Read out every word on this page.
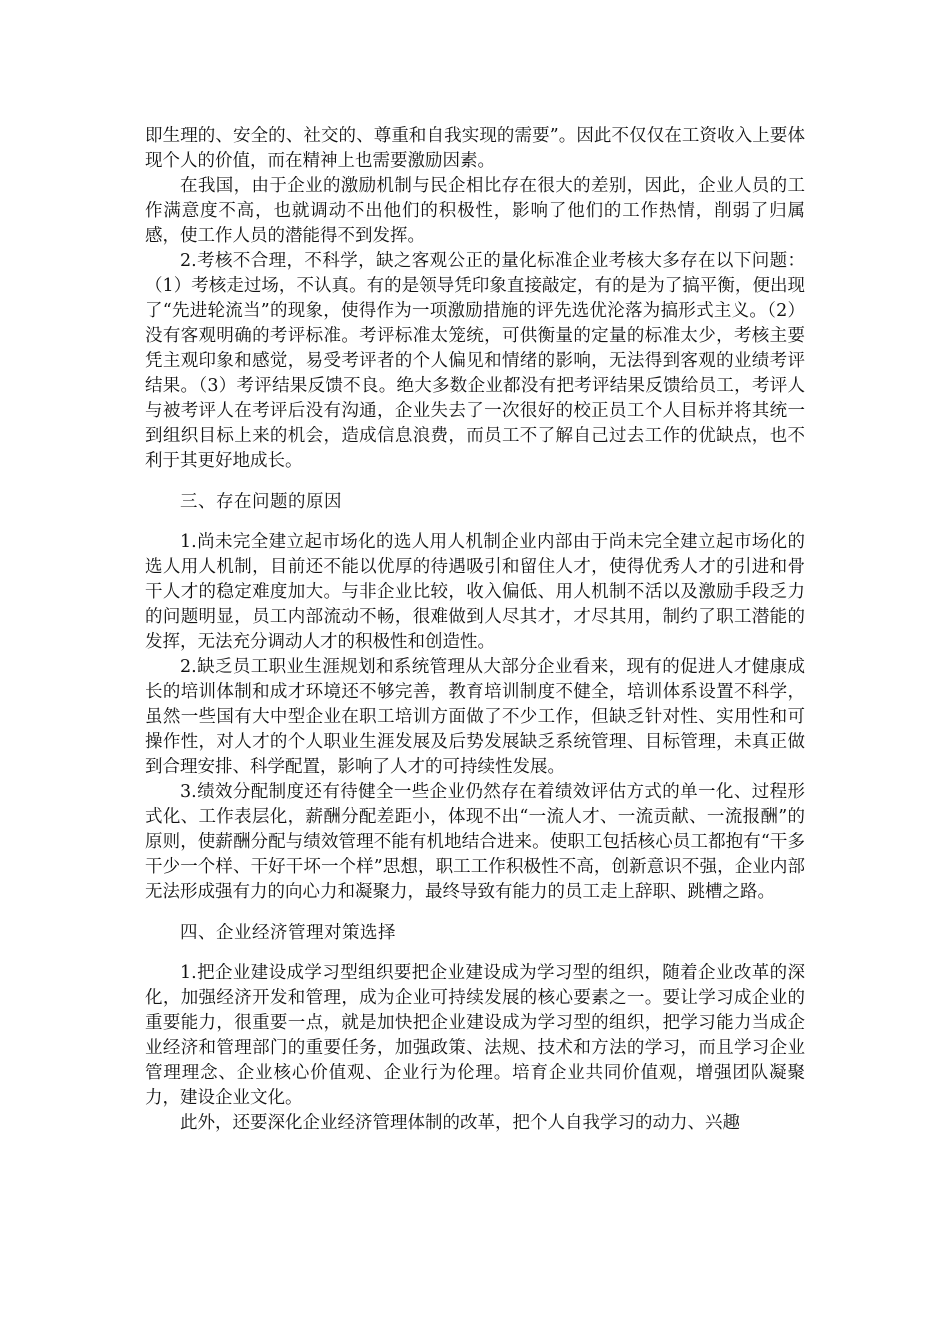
即生理的、安全的、社交的、尊重和自我实现的需要”。因此不仅仅在工资收入上要体现个人的价值，而在精神上也需要激励因素。

在我国，由于企业的激励机制与民企相比存在很大的差别，因此，企业人员的工作满意度不高，也就调动不出他们的积极性，影响了他们的工作热情，削弱了归属感，使工作人员的潜能得不到发挥。

2.考核不合理，不科学，缺之客观公正的量化标准企业考核大多存在以下问题：（1）考核走过场，不认真。有的是领导凭印象直接敲定，有的是为了搞平衡，便出现了“先进轮流当”的现象，使得作为一项激励措施的评先选优沦落为搞形式主义。（2）没有客观明确的考评标准。考评标准太笼统，可供衡量的定量的标准太少，考核主要凭主观印象和感觉，易受考评者的个人偏见和情绪的影响，无法得到客观的业绩考评结果。（3）考评结果反馈不良。绝大多数企业都没有把考评结果反馈给员工，考评人与被考评人在考评后没有沟通，企业失去了一次很好的校正员工个人目标并将其统一到组织目标上来的机会，造成信息浪费，而员工不了解自己过去工作的优缺点，也不利于其更好地成长。

三、存在问题的原因

1.尚未完全建立起市场化的选人用人机制企业内部由于尚未完全建立起市场化的选人用人机制，目前还不能以优厚的待遇吸引和留住人才，使得优秀人才的引进和骨干人才的稳定难度加大。与非企业比较，收入偏低、用人机制不活以及激励手段乏力的问题明显，员工内部流动不畅，很难做到人尽其才，才尽其用，制约了职工潜能的发挥，无法充分调动人才的积极性和创造性。

2.缺乏员工职业生涯规划和系统管理从大部分企业看来，现有的促进人才健康成长的培训体制和成才环境还不够完善，教育培训制度不健全，培训体系设置不科学，虽然一些国有大中型企业在职工培训方面做了不少工作，但缺乏针对性、实用性和可操作性，对人才的个人职业生涯发展及后势发展缺乏系统管理、目标管理，未真正做到合理安排、科学配置，影响了人才的可持续性发展。

3.绩效分配制度还有待健全一些企业仍然存在着绩效评估方式的单一化、过程形式化、工作表层化，薪酬分配差距小，体现不出“一流人才、一流贡献、一流报酬”的原则，使薪酬分配与绩效管理不能有机地结合进来。使职工包括核心员工都抱有“干多干少一个样、干好干坏一个样”思想，职工工作积极性不高，创新意识不强，企业内部无法形成强有力的向心力和凝聚力，最终导致有能力的员工走上辞职、跳槽之路。

四、企业经济管理对策选择

1.把企业建设成学习型组织要把企业建设成为学习型的组织，随着企业改革的深化，加强经济开发和管理，成为企业可持续发展的核心要素之一。要让学习成企业的重要能力，很重要一点，就是加快把企业建设成为学习型的组织，把学习能力当成企业经济和管理部门的重要任务，加强政策、法规、技术和方法的学习，而且学习企业管理理念、企业核心价值观、企业行为伦理。培育企业共同价值观，增强团队凝聚力，建设企业文化。

此外，还要深化企业经济管理体制的改革，把个人自我学习的动力、兴趣
